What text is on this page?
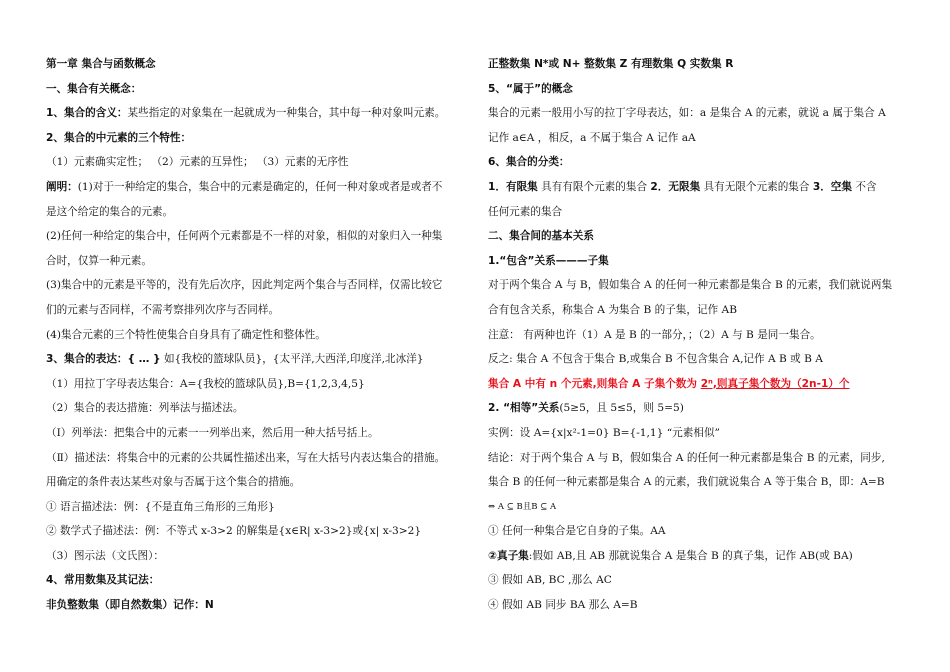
第一章 集合与函数概念
一、集合有关概念：
1、集合的含义：某些指定的对象集在一起就成为一种集合，其中每一种对象叫元素。
2、集合的中元素的三个特性：
（1）元素确实定性； （2）元素的互异性； （3）元素的无序性
阐明：(1)对于一种给定的集合，集合中的元素是确定的，任何一种对象或者是或者不
是这个给定的集合的元素。
(2)任何一种给定的集合中，任何两个元素都是不一样的对象，相似的对象归入一种集
合时，仅算一种元素。
(3)集合中的元素是平等的，没有先后次序，因此判定两个集合与否同样，仅需比较它
们的元素与否同样，不需考察排列次序与否同样。
(4)集合元素的三个特性使集合自身具有了确定性和整体性。
3、集合的表达：{ … } 如{我校的篮球队员}，{太平洋,大西洋,印度洋,北冰洋}
（1）用拉丁字母表达集合：A={我校的篮球队员},B={1,2,3,4,5}
（2）集合的表达措施：列举法与描述法。
（Ⅰ）列举法：把集合中的元素一一列举出来，然后用一种大括号括上。
（Ⅱ）描述法：将集合中的元素的公共属性描述出来，写在大括号内表达集合的措施。
用确定的条件表达某些对象与否属于这个集合的措施。
① 语言描述法：例：{不是直角三角形的三角形}
② 数学式子描述法：例：不等式 x-3>2 的解集是{x∈R| x-3>2}或{x| x-3>2}
（3）图示法（文氏图）：
4、常用数集及其记法：
非负整数集（即自然数集）记作：N
正整数集 N*或 N+ 整数集 Z 有理数集 Q 实数集 R
5、“属于”的概念
集合的元素一般用小写的拉丁字母表达，如：a 是集合 A 的元素，就说 a 属于集合 A
记作 a∈A ，相反，a 不属于集合 A 记作 aA
6、集合的分类：
1．有限集 具有有限个元素的集合 2．无限集 具有无限个元素的集合 3．空集 不含
任何元素的集合
二、集合间的基本关系
1.“包含”关系———子集
对于两个集合 A 与 B，假如集合 A 的任何一种元素都是集合 B 的元素，我们就说两集
合有包含关系，称集合 A 为集合 B 的子集，记作 AB
注意： 有两种也许（1）A 是 B 的一部分，；（2）A 与 B 是同一集合。
反之: 集合 A 不包含于集合 B,或集合 B 不包含集合 A,记作 A B 或 B A
集合 A 中有 n 个元素,则集合 A 子集个数为 2ⁿ,则真子集个数为（2n-1）个
2. “相等”关系(5≥5，且 5≤5，则 5=5)
实例：设 A={x|x²-1=0} B={-1,1} “元素相似”
结论：对于两个集合 A 与 B，假如集合 A 的任何一种元素都是集合 B 的元素，同步,
集合 B 的任何一种元素都是集合 A 的元素，我们就说集合 A 等于集合 B，即：A=B
⇔ A ⊆ B且B ⊆ A
① 任何一种集合是它自身的子集。AA
②真子集:假如 AB,且 AB 那就说集合 A 是集合 B 的真子集，记作 AB(或 BA)
③ 假如 AB, BC ,那么 AC
④ 假如 AB 同步 BA 那么 A=B
